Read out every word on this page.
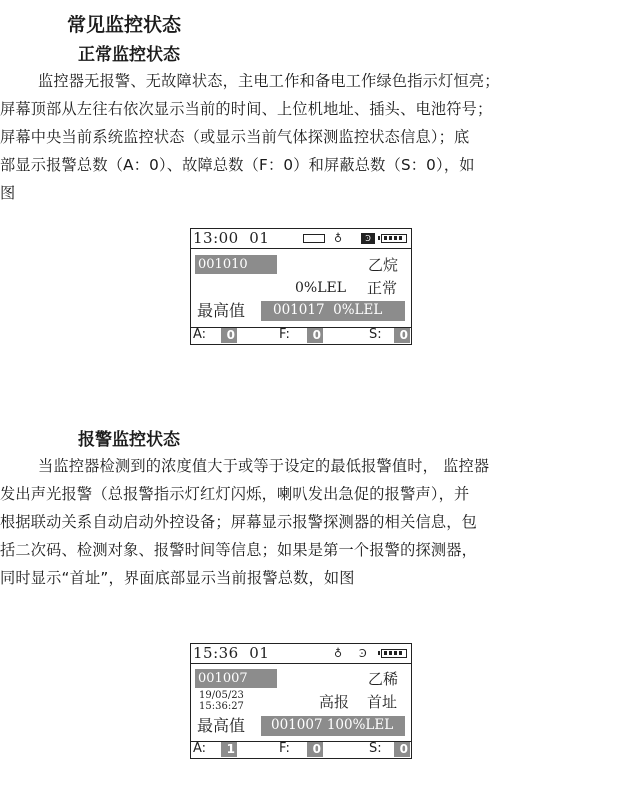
常见监控状态
正常监控状态

监控器无报警、无故障状态，主电工作和备电工作绿色指示灯恒亮；
屏幕顶部从左往右依次显示当前的时间、上位机地址、插头、电池符号；
屏幕中央当前系统监控状态（或显示当前气体探测监控状态信息）；底
部显示报警总数（A：0）、故障总数（F：0）和屏蔽总数（S：0），如
图

13:00 01	♁	Ͽ
001010	乙烷
0%LEL 正常
最高值	001017  0%LEL
A:	0	F:	0	S:	0
报警监控状态

当监控器检测到的浓度值大于或等于设定的最低报警值时， 监控器
发出声光报警（总报警指示灯红灯闪烁，喇叭发出急促的报警声），并
根据联动关系自动启动外控设备；屏幕显示报警探测器的相关信息，包
括二次码、检测对象、报警时间等信息；如果是第一个报警的探测器，
同时显示“首址”，界面底部显示当前报警总数，如图

15:36 01	♁ Ͽ
001007	乙稀
19/05/23
15:36:27	高报 首址
最高值	001007 100%LEL
A:	1	F:	0	S:	0
